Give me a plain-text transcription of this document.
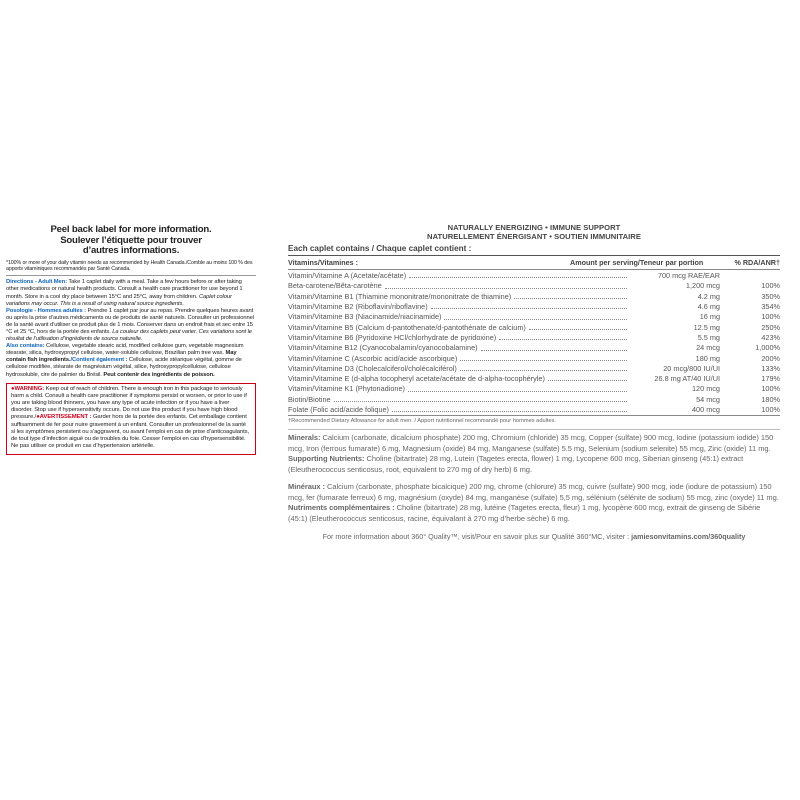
Peel back label for more information.
Soulever l’étiquette pour trouver
d’autres informations.

*100% or more of your daily vitamin needs as recommended by Health Canada./Comble au moins 100 % des apports vitaminiques recommandés par Santé Canada.

Directions - Adult Men: Take 1 caplet daily with a meal. Take a few hours before or after taking other medications or natural health products. Consult a health care practitioner for use beyond 1 month. Store in a cool dry place between 15°C and 25°C, away from children. Caplet colour variations may occur. This is a result of using natural source ingredients.

Posologie - Hommes adultes : Prendre 1 caplet par jour au repas. Prendre quelques heures avant ou après la prise d’autres médicaments ou de produits de santé naturels. Consulter un professionnel de la santé avant d’utiliser ce produit plus de 1 mois. Conserver dans un endroit frais et sec entre 15 °C et 25 °C, hors de la portée des enfants. La couleur des caplets peut varier. Ces variations sont le résultat de l’utilisation d’ingrédients de source naturelle.

Also contains: Cellulose, vegetable stearic acid, modified cellulose gum, vegetable magnesium stearate, silica, hydroxypropyl cellulose, water-soluble cellulose, Brazilian palm tree wax. May contain fish ingredients./Contient également : Cellulose, acide stéarique végétal, gomme de cellulose modifiée, stéarate de magnésium végétal, silice, hydroxypropylcellulose, cellulose hydrosoluble, cire de palmier du Brésil. Peut contenir des ingrédients de poisson.

●WARNING: Keep out of reach of children. There is enough iron in this package to seriously harm a child. Consult a health care practitioner if symptoms persist or worsen, or prior to use if you are taking blood thinners, you have any type of acute infection or if you have a liver disorder. Stop use if hypersensitivity occurs. Do not use this product if you have high blood pressure./●AVERTISSEMENT : Garder hors de la portée des enfants. Cet emballage contient suffisamment de fer pour nuire gravement à un enfant. Consulter un professionnel de la santé si les symptômes persistent ou s’aggravent, ou avant l’emploi en cas de prise d’anticoagulants, de tout type d’infection aiguë ou de troubles du foie. Cesser l’emploi en cas d’hypersensibilité. Ne pas utiliser ce produit en cas d’hypertension artérielle.

NATURALLY ENERGIZING • IMMUNE SUPPORT
NATURELLEMENT ÉNERGISANT • SOUTIEN IMMUNITAIRE
Each caplet contains / Chaque caplet contient :
Vitamins/Vitamines :	Amount per serving/Teneur par portion	% RDA/ANR†
Vitamin/Vitamine A (Acetate/acétate)	700 mcg RAE/EAR
Beta-carotene/Bêta-carotène	1,200 mcg	100%
Vitamin/Vitamine B1 (Thiamine mononitrate/mononitrate de thiamine)	4.2 mg	350%
Vitamin/Vitamine B2 (Riboflavin/riboflavine)	4.6 mg	354%
Vitamin/Vitamine B3 (Niacinamide/niacinamide)	16 mg	100%
Vitamin/Vitamine B5 (Calcium d-pantothenate/d-pantothénate de calcium)	12.5 mg	250%
Vitamin/Vitamine B6 (Pyridoxine HCl/chlorhydrate de pyridoxine)	5.5 mg	423%
Vitamin/Vitamine B12 (Cyanocobalamin/cyanocobalamine)	24 mcg	1,000%
Vitamin/Vitamine C (Ascorbic acid/acide ascorbique)	180 mg	200%
Vitamin/Vitamine D3 (Cholecalciferol/cholécalciférol)	20 mcg/800 IU/UI	133%
Vitamin/Vitamine E (d-alpha tocopheryl acetate/acétate de d-alpha-tocophéryle)	26.8 mg AT/40 IU/UI	179%
Vitamin/Vitamine K1 (Phytonadione)	120 mcg	100%
Biotin/Biotine	54 mcg	180%
Folate (Folic acid/acide folique)	400 mcg	100%
†Recommended Dietary Allowance for adult men. / Apport nutritionnel recommandé pour hommes adultes.

Minerals: Calcium (carbonate, dicalcium phosphate) 200 mg, Chromium (chloride) 35 mcg, Copper (sulfate) 900 mcg, Iodine (potassium iodide) 150 mcg, Iron (ferrous fumarate) 6 mg, Magnesium (oxide) 84 mg, Manganese (sulfate) 5.5 mg, Selenium (sodium selenite) 55 mcg, Zinc (oxide) 11 mg. Supporting Nutrients: Choline (bitartrate) 28 mg, Lutein (Tagetes erecta, flower) 1 mg, Lycopene 600 mcg, Siberian ginseng (45:1) extract (Eleutherococcus senticosus, root, equivalent to 270 mg of dry herb) 6 mg.

Minéraux : Calcium (carbonate, phosphate bicalcique) 200 mg, chrome (chlorure) 35 mcg, cuivre (sulfate) 900 mcg, iode (iodure de potassium) 150 mcg, fer (fumarate ferreux) 6 mg, magnésium (oxyde) 84 mg, manganèse (sulfate) 5,5 mg, sélénium (sélénite de sodium) 55 mcg, zinc (oxyde) 11 mg. Nutriments complémentaires : Choline (bitartrate) 28 mg, lutéine (Tagetes erecta, fleur) 1 mg, lycopène 600 mcg, extrait de ginseng de Sibérie (45:1) (Eleutherococcus senticosus, racine, équivalant à 270 mg d’herbe sèche) 6 mg.

For more information about 360° Quality™, visit/Pour en savoir plus sur Qualité 360°MC, visiter : jamiesonvitamins.com/360quality
